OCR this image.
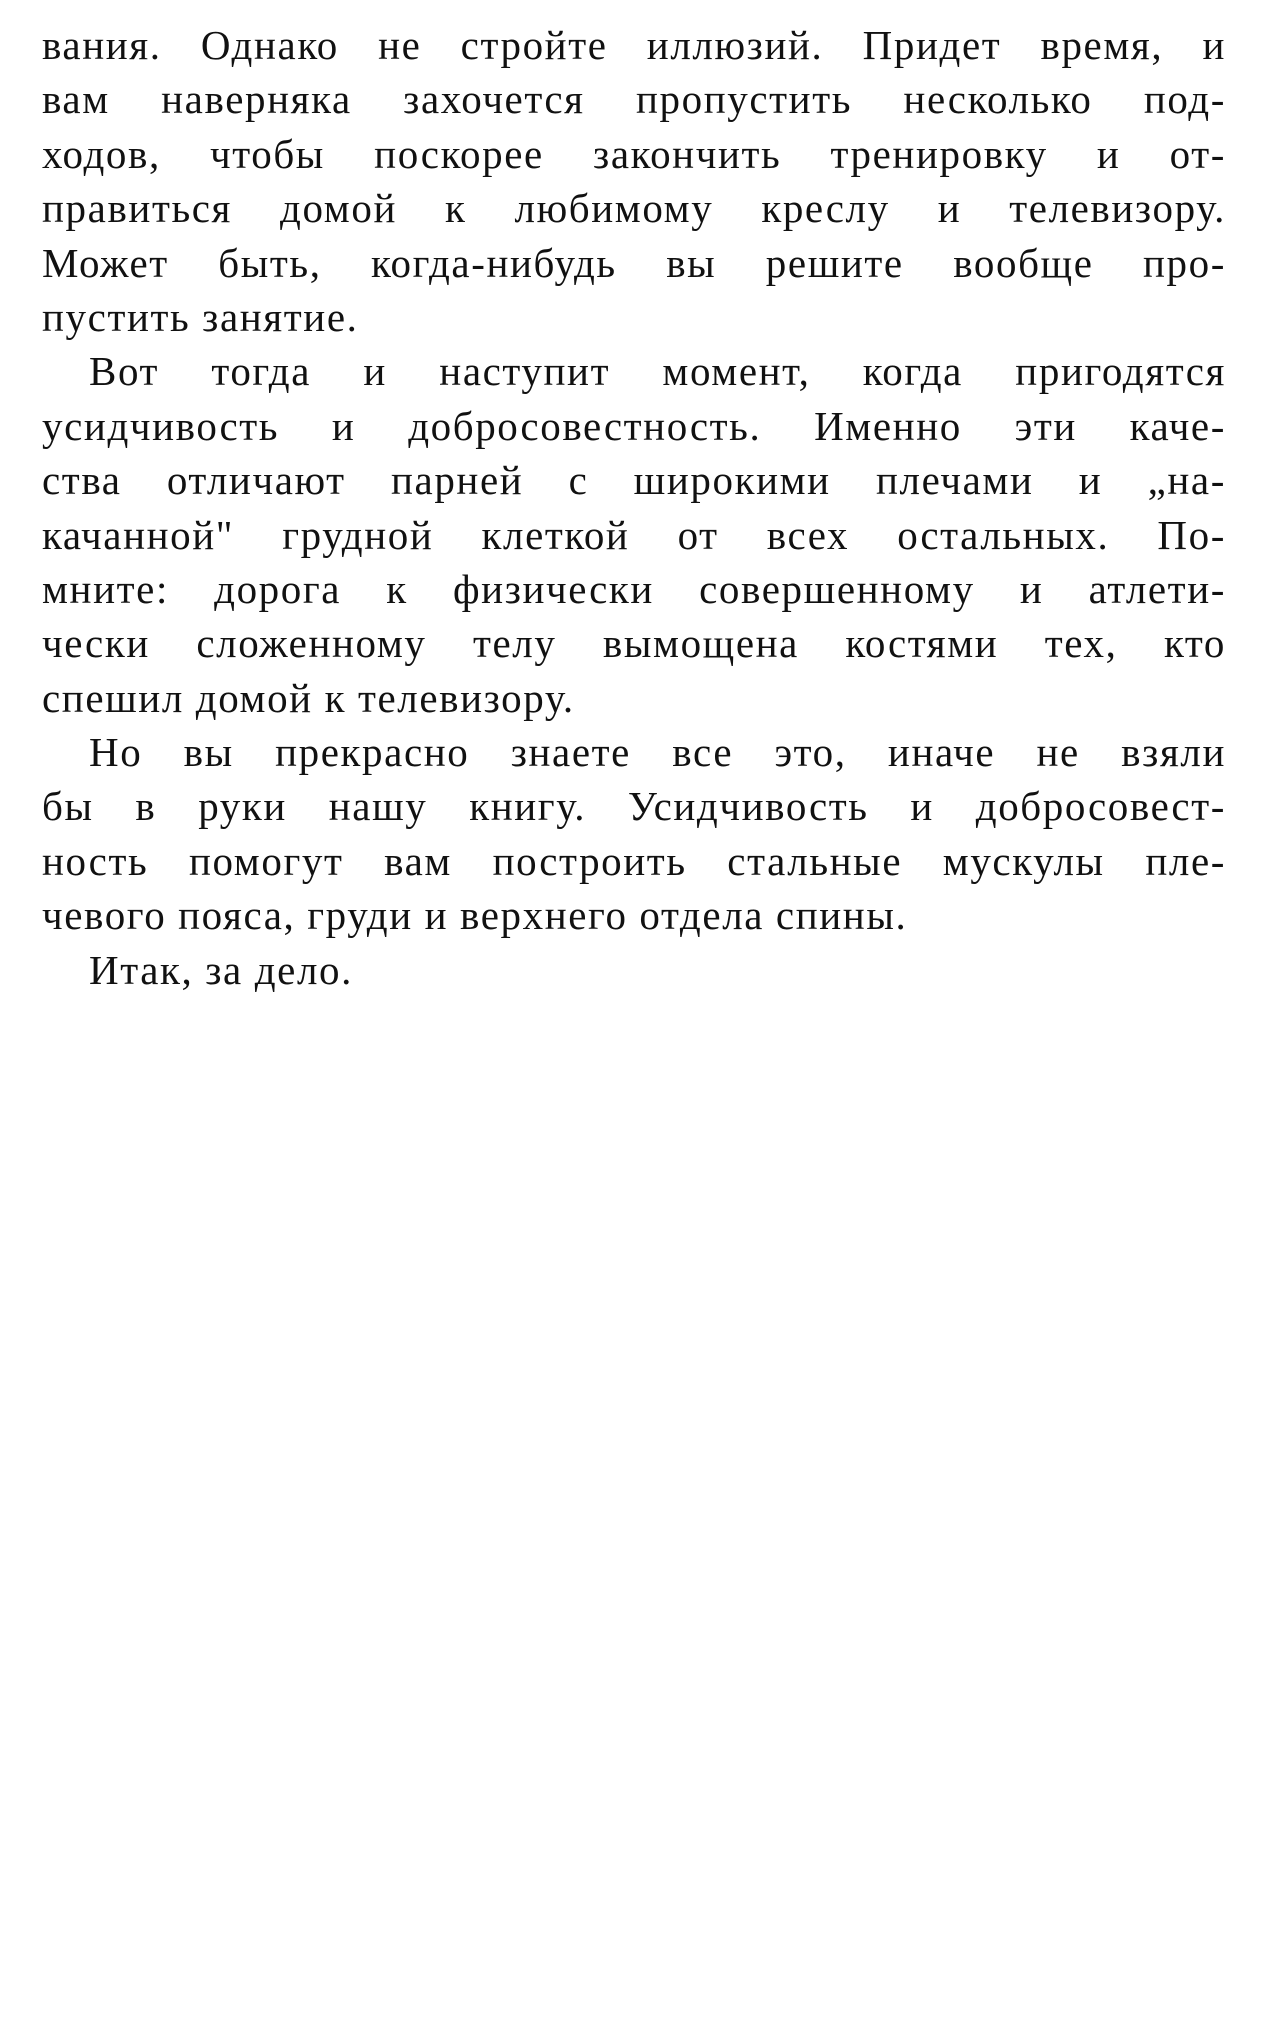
вания. Однако не стройте иллюзий. Придет время, и
вам наверняка захочется пропустить несколько под-
ходов, чтобы поскорее закончить тренировку и от-
правиться домой к любимому креслу и телевизору.
Может быть, когда-нибудь вы решите вообще про-
пустить занятие.

Вот тогда и наступит момент, когда пригодятся
усидчивость и добросовестность. Именно эти каче-
ства отличают парней с широкими плечами и „на-
качанной" грудной клеткой от всех остальных. По-
мните: дорога к физически совершенному и атлети-
чески сложенному телу вымощена костями тех, кто
спешил домой к телевизору.

Но вы прекрасно знаете все это, иначе не взяли
бы в руки нашу книгу. Усидчивость и добросовест-
ность помогут вам построить стальные мускулы пле-
чевого пояса, груди и верхнего отдела спины.

Итак, за дело.
